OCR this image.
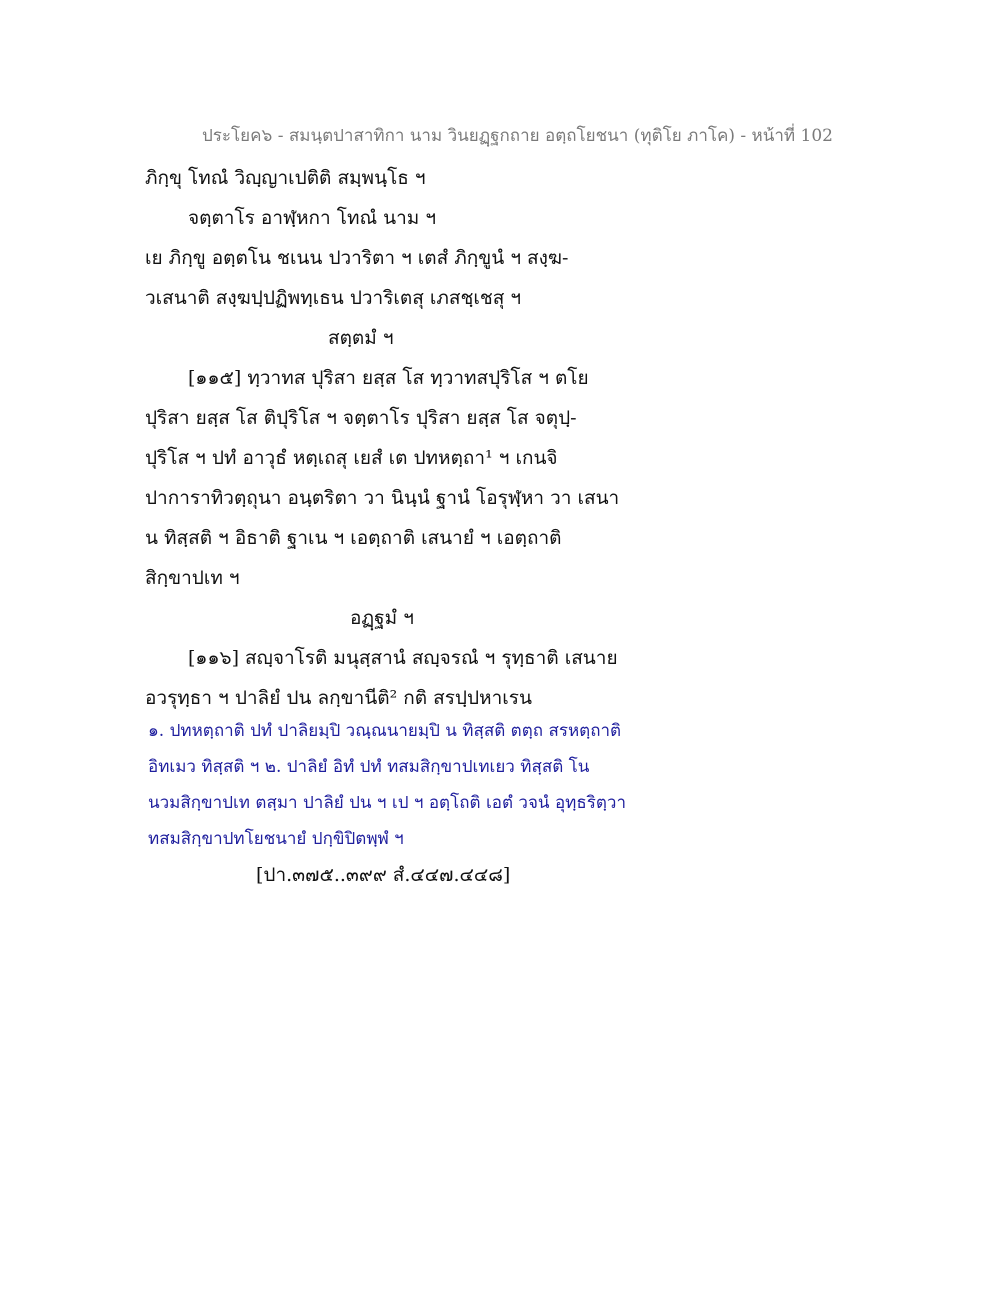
ประโยค๖ - สมนฺตปาสาทิกา นาม วินยฏฺฐกถาย อตฺถโยชนา (ทุติโย ภาโค) - หน้าที่ 102
ภิกฺขุ โทณํ วิญฺญาเปติติ สมฺพนฺโธ ฯ
จตฺตาโร อาฬฺหกา โทณํ นาม ฯ
เย ภิกฺขู อตฺตโน ชเนน ปวาริตา ฯ เตสํ ภิกฺขูนํ ฯ สงฺฆ-
วเสนาติ สงฺฆปฺปฏิพทฺเธน ปวาริเตสุ เภสชฺเชสุ ฯ
สตฺตมํ ฯ
[๑๑๕] ทฺวาทส ปุริสา ยสฺส โส ทฺวาทสปุริโส ฯ ตโย
ปุริสา ยสฺส โส ติปุริโส ฯ จตฺตาโร ปุริสา ยสฺส โส จตุปฺ-
ปุริโส ฯ ปทํ อาวุธํ หตฺเถสุ เยสํ เต ปทหตฺถา¹ ฯ เกนจิ
ปาการาทิวตฺถุนา อนฺตริตา วา นินฺนํ ฐานํ โอรุฬฺหา วา เสนา
น ทิสฺสติ ฯ อิธาติ ฐาเน ฯ เอตฺถาติ เสนายํ ฯ เอตฺถาติ
สิกฺขาปเท ฯ
อฏฺฐมํ ฯ
[๑๑๖] สญฺจาโรติ มนุสฺสานํ สญฺจรณํ ฯ รุทฺธาติ เสนาย
อวรุทฺธา ฯ ปาลิยํ ปน ลกฺขานีติ² กติ สรปฺปหาเรน
๑. ปทหตฺถาติ ปทํ ปาลิยมฺปิ วณฺณนายมฺปิ น ทิสฺสติ ตตฺถ สรหตฺถาติ
อิทเมว ทิสฺสติ ฯ ๒. ปาลิยํ อิทํ ปทํ ทสมสิกฺขาปเทเยว ทิสฺสติ โน
นวมสิกฺขาปเท ตสฺมา ปาลิยํ ปน ฯ เป ฯ อตฺโถติ เอตํ วจนํ อุทฺธริตฺวา
ทสมสิกฺขาปทโยชนายํ ปกฺขิปิตพฺพํ ฯ
[ปา.๓๗๕..๓๙๙ สํ.๔๔๗.๔๔๘]
